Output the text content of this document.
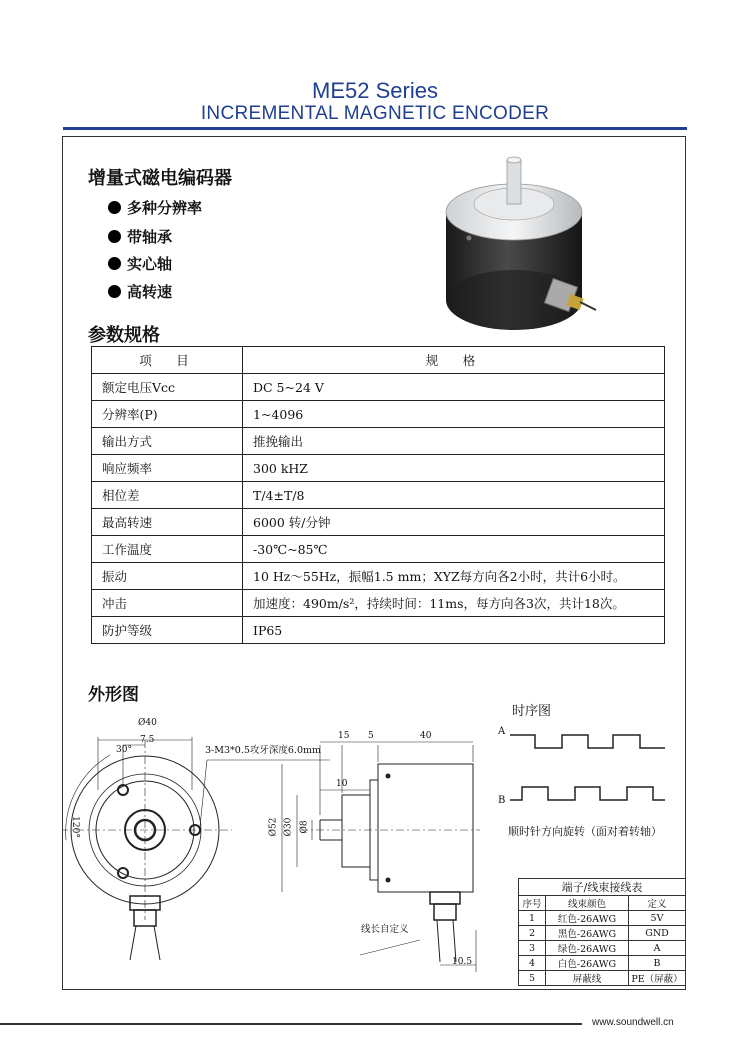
ME52 Series
INCREMENTAL MAGNETIC ENCODER
增量式磁电编码器
多种分辨率
带轴承
实心轴
高转速
参数规格
项　目	规　格
额定电压Vcc	DC 5~24 V
分辨率(P)	1~4096
输出方式	推挽输出
响应频率	300 kHZ
相位差	T/4±T/8
最高转速	6000 转/分钟
工作温度	-30℃~85℃
振动	10 Hz～55Hz，振幅1.5 mm；XYZ每方向各2小时，共计6小时。
冲击	加速度：490m/s²，持续时间：11ms，每方向各3次，共计18次。
防护等级	IP65
外形图
Ø40
7.5
30°
120°
3-M3*0.5攻牙深度6.0mm
15 5	40
10
Ø52 Ø30 Ø8
线长自定义
10.5
时序图
A
B
顺时针方向旋转（面对着转轴）
端子/线束接线表		
序号	线束颜色	定义
1	红色-26AWG	5V
2	黑色-26AWG	GND
3	绿色-26AWG	A
4	白色-26AWG	B
5	屏蔽线	PE（屏蔽）
www.soundwell.cn
